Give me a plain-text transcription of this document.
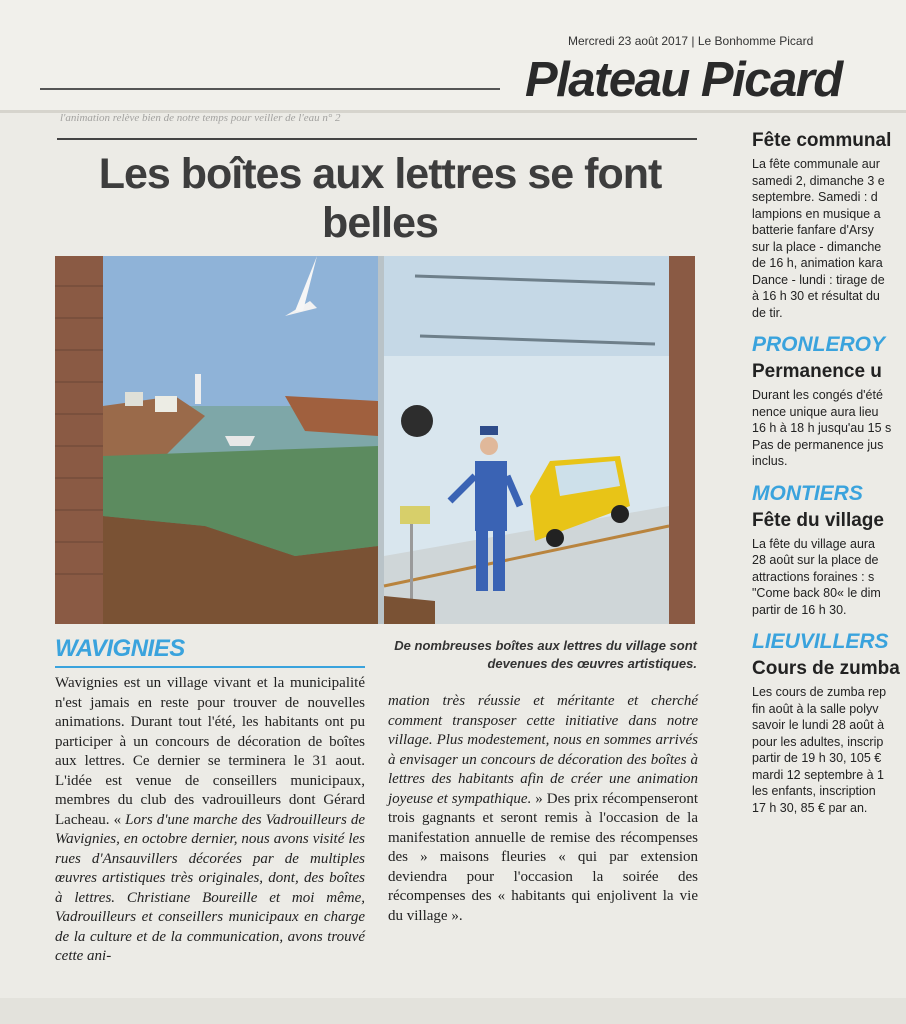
Mercredi 23 août 2017 | Le Bonhomme Picard
Plateau Picard
l'animation relève bien de notre temps pour veiller de l'eau n° 2
Les boîtes aux lettres se font belles
De nombreuses boîtes aux lettres du village sont devenues des œuvres artistiques.
WAVIGNIES
Wavignies est un village vivant et la municipalité n'est jamais en reste pour trouver de nouvelles animations. Durant tout l'été, les habitants ont pu participer à un concours de décoration de boîtes aux lettres. Ce dernier se terminera le 31 aout. L'idée est venue de conseillers municipaux, membres du club des vadrouilleurs dont Gérard Lacheau. « Lors d'une marche des Vadrouilleurs de Wavignies, en octobre dernier, nous avons visité les rues d'Ansauvillers décorées par de multiples œuvres artistiques très originales, dont, des boîtes à lettres. Christiane Boureille et moi même, Vadrouilleurs et conseillers municipaux en charge de la culture et de la communication, avons trouvé cette ani-
mation très réussie et méritante et cherché comment transposer cette initiative dans notre village. Plus modestement, nous en sommes arrivés à envisager un concours de décoration des boîtes à lettres des habitants afin de créer une animation joyeuse et sympathique. » Des prix récompenseront trois gagnants et seront remis à l'occasion de la manifestation annuelle de remise des récompenses des » maisons fleuries « qui par extension deviendra pour l'occasion la soirée des récompenses des « habitants qui enjolivent la vie du village ».
Fête communal
La fête communale aur
samedi 2, dimanche 3 e
septembre. Samedi : d
lampions en musique a
batterie fanfare d'Arsy
sur la place - dimanche
de 16 h, animation kara
Dance - lundi : tirage de
à 16 h 30 et résultat du
de tir.
PRONLEROY
Permanence u
Durant les congés d'été
nence unique aura lieu
16 h à 18 h jusqu'au 15 s
Pas de permanence jus
inclus.
MONTIERS
Fête du village
La fête du village aura
28 août sur la place de
attractions foraines : s
"Come back 80« le dim
partir de 16 h 30.
LIEUVILLERS
Cours de zumba
Les cours de zumba rep
fin août à la salle polyv
savoir le lundi 28 août à
pour les adultes, inscrip
partir de 19 h 30, 105 €
mardi 12 septembre à 1
les enfants, inscription
17 h 30, 85 € par an.
